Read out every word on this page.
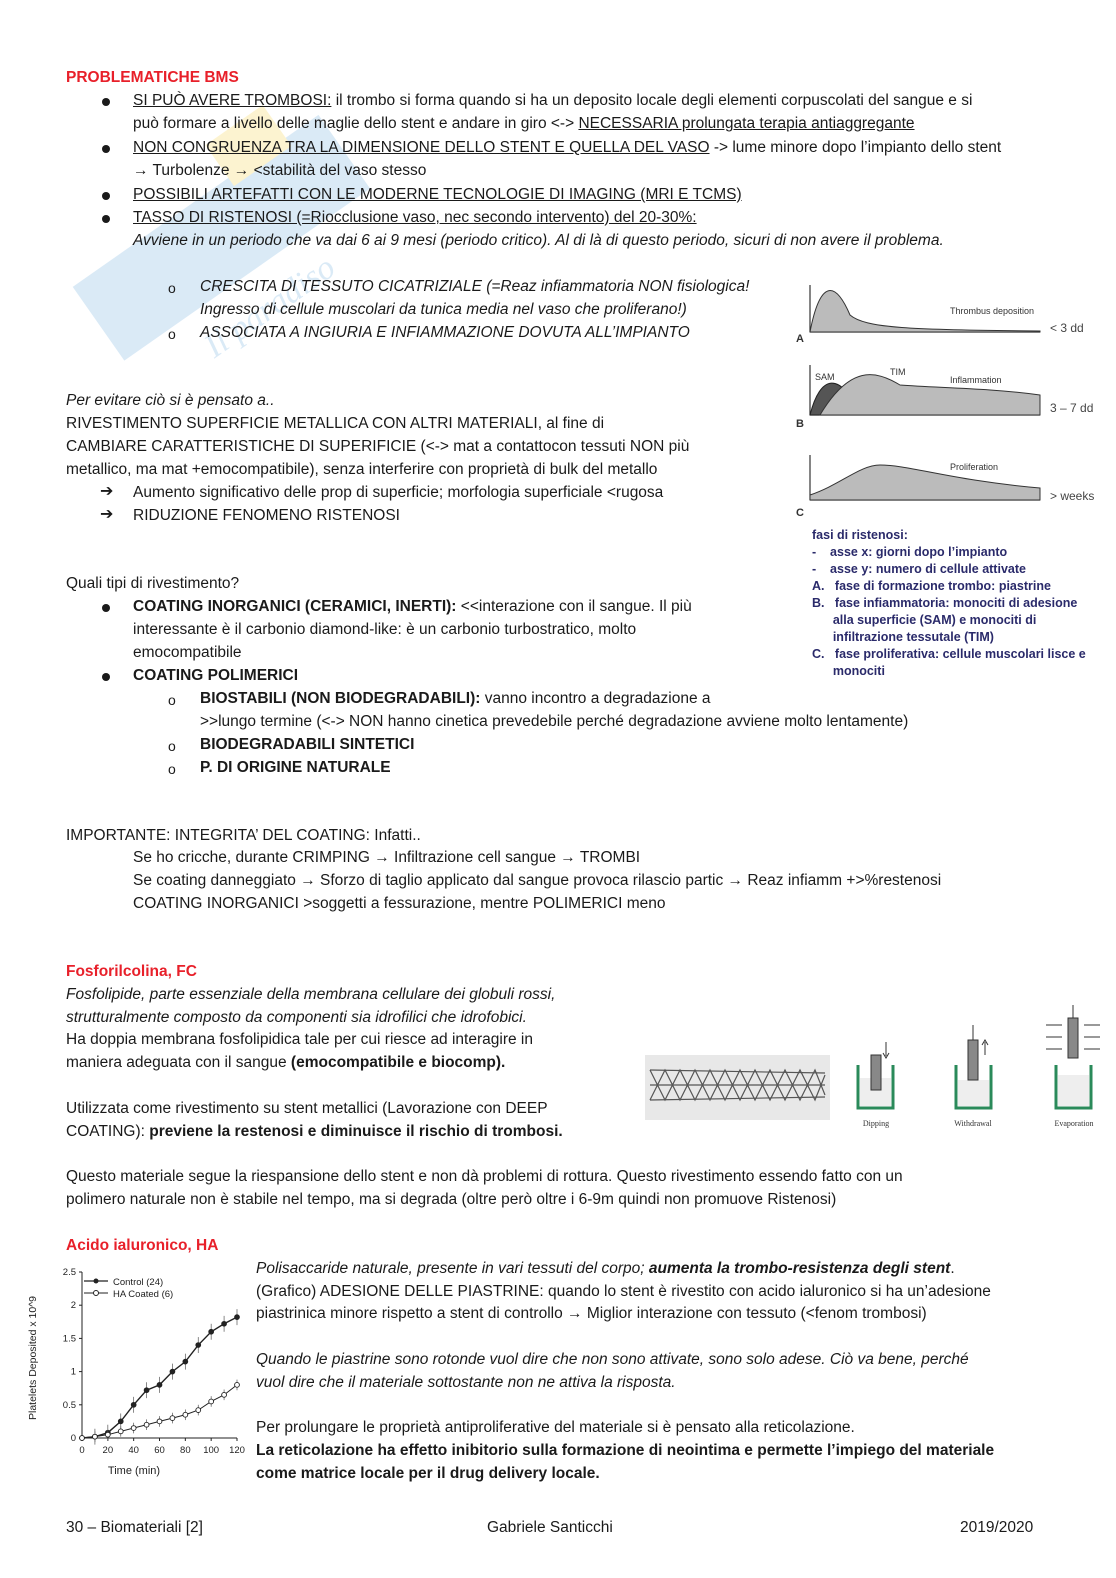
Il paradiso
PROBLEMATICHE BMS
SI PUÒ AVERE TROMBOSI: il trombo si forma quando si ha un deposito locale degli elementi corpuscolati del sangue e si
può formare a livello delle maglie dello stent e andare in giro <-> NECESSARIA prolungata terapia antiaggregante
NON CONGRUENZA TRA LA DIMENSIONE DELLO STENT E QUELLA DEL VASO -> lume minore dopo l’impianto dello stent
→ Turbolenze → <stabilità del vaso stesso
POSSIBILI ARTEFATTI CON LE MODERNE TECNOLOGIE DI IMAGING (MRI E TCMS)
TASSO DI RISTENOSI (=Riocclusione vaso, nec secondo intervento) del 20-30%:
Avviene in un periodo che va dai 6 ai 9 mesi (periodo critico). Al di là di questo periodo, sicuri di non avere il problema.
o CRESCITA DI TESSUTO CICATRIZIALE (=Reaz infiammatoria NON fisiologica!
Ingresso di cellule muscolari da tunica media nel vaso che proliferano!)
o ASSOCIATA A INGIURIA E INFIAMMAZIONE DOVUTA ALL’IMPIANTO
Thrombus deposition
A
< 3 dd
SAM	TIM
Inflammation
B
3 – 7 dd
Proliferation
C
> weeks
fasi di ristenosi:
-    asse x: giorni dopo l’impianto
-    asse y: numero di cellule attivate
A.   fase di formazione trombo: piastrine
B.   fase infiammatoria: monociti di adesione
alla superficie (SAM) e monociti di
infiltrazione tessutale (TIM)
C.   fase proliferativa: cellule muscolari lisce e
monociti
Per evitare ciò si è pensato a..
RIVESTIMENTO SUPERFICIE METALLICA CON ALTRI MATERIALI, al fine di
CAMBIARE CARATTERISTICHE DI SUPERIFICIE (<-> mat a contattocon tessuti NON più
metallico, ma mat +emocompatibile), senza interferire con proprietà di bulk del metallo
➔ Aumento significativo delle prop di superficie; morfologia superficiale <rugosa
➔ RIDUZIONE FENOMENO RISTENOSI
Quali tipi di rivestimento?
COATING INORGANICI (CERAMICI, INERTI): <<interazione con il sangue. Il più
interessante è il carbonio diamond-like: è un carbonio turbostratico, molto
emocompatibile
COATING POLIMERICI
o BIOSTABILI (NON BIODEGRADABILI): vanno incontro a degradazione a
>>lungo termine (<-> NON hanno cinetica prevedebile perché degradazione avviene molto lentamente)
o BIODEGRADABILI SINTETICI
o P. DI ORIGINE NATURALE
IMPORTANTE: INTEGRITA’ DEL COATING: Infatti..
Se ho cricche, durante CRIMPING → Infiltrazione cell sangue → TROMBI
Se coating danneggiato → Sforzo di taglio applicato dal sangue provoca rilascio partic → Reaz infiamm +>%restenosi
COATING INORGANICI >soggetti a fessurazione, mentre POLIMERICI meno
Fosforilcolina, FC
Fosfolipide, parte essenziale della membrana cellulare dei globuli rossi,
strutturalmente composto da componenti sia idrofilici che idrofobici.
Ha doppia membrana fosfolipidica tale per cui riesce ad interagire in
maniera adeguata con il sangue (emocompatibile e biocomp).
Utilizzata come rivestimento su stent metallici (Lavorazione con DEEP
COATING): previene la restenosi e diminuisce il rischio di trombosi.	Dipping	Withdrawal	Evaporation
Questo materiale segue la riespansione dello stent e non dà problemi di rottura. Questo rivestimento essendo fatto con un
polimero naturale non è stabile nel tempo, ma si degrada (oltre però oltre i 6-9m quindi non promuove Ristenosi)
Acido ialuronico, HA
Polisaccaride naturale, presente in vari tessuti del corpo; aumenta la trombo-resistenza degli stent.
(Grafico) ADESIONE DELLE PIASTRINE: quando lo stent è rivestito con acido ialuronico si ha un’adesione
piastrinica minore rispetto a stent di controllo → Miglior interazione con tessuto (<fenom trombosi)
Quando le piastrine sono rotonde vuol dire che non sono attivate, sono solo adese. Ciò va bene, perché
vuol dire che il materiale sottostante non ne attiva la risposta.
Per prolungare le proprietà antiproliferative del materiale si è pensato alla reticolazione.
La reticolazione ha effetto inibitorio sulla formazione di neointima e permette l’impiego del materiale
come matrice locale per il drug delivery locale.
0 20 40 60 80 100 120
0
0.5
1
1.5
2
2.5
Control (24)
HA Coated (6)
Time (min)
Platelets Deposited x 10^9
30 – Biomateriali [2]	Gabriele Santicchi	2019/2020
